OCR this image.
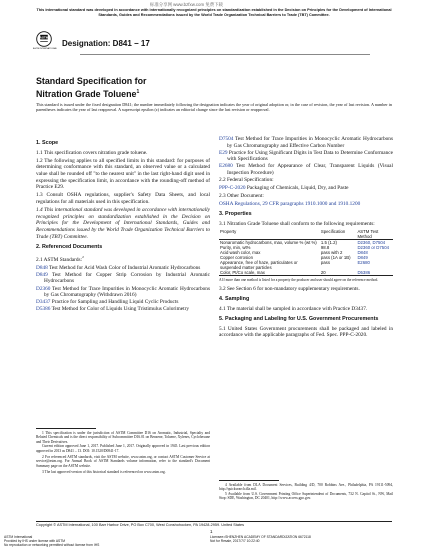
标准分享网 www.bzfxw.com 免费下载
This international standard was developed in accordance with internationally recognized principles on standardization established in the Decision on Principles for the Development of International Standards, Guides and Recommendations issued by the World Trade Organization Technical Barriers to Trade (TBT) Committee.
ASTM
ASTM INTERNATIONAL
Designation: D841 − 17
Standard Specification for
Nitration Grade Toluene$^1$
This standard is issued under the fixed designation D841; the number immediately following the designation indicates the year of original adoption or, in the case of revision, the year of last revision. A number in parentheses indicates the year of last reapproval. A superscript epsilon (ε) indicates an editorial change since the last revision or reapproval.
1. Scope

1.1 This specification covers nitration grade toluene.

1.2 The following applies to all specified limits in this standard: for purposes of determining conformance with this standard, an observed value or a calculated value shall be rounded off "to the nearest unit" in the last right-hand digit used in expressing the specification limit, in accordance with the rounding-off method of Practice E29.

1.3 Consult OSHA regulations, supplier's Safety Data Sheets, and local regulations for all materials used in this specification.

1.4 This international standard was developed in accordance with internationally recognized principles on standardization established in the Decision on Principles for the Development of International Standards, Guides and Recommendations issued by the World Trade Organization Technical Barriers to Trade (TBT) Committee.

2. Referenced Documents

2.1 ASTM Standards:$^2$

D848 Test Method for Acid Wash Color of Industrial Aromatic Hydrocarbons
D849 Test Method for Copper Strip Corrosion by Industrial Aromatic Hydrocarbons
D2360 Test Method for Trace Impurities in Monocyclic Aromatic Hydrocarbons by Gas Chromatography (Withdrawn 2016)
D3437 Practice for Sampling and Handling Liquid Cyclic Products
D5386 Test Method for Color of Liquids Using Tristimulus Colorimetry
1 This specification is under the jurisdiction of ASTM Committee D16 on Aromatic, Industrial, Specialty and Related Chemicals and is the direct responsibility of Subcommittee D16.01 on Benzene, Toluene, Xylenes, Cyclohexane and Their Derivatives.
Current edition approved June 1, 2017. Published June 1, 2017. Originally approved in 1945. Last previous edition approved in 2013 as D841 – 13. DOI: 10.1520/D0841-17.
2 For referenced ASTM standards, visit the ASTM website, www.astm.org, or contact ASTM Customer Service at service@astm.org. For Annual Book of ASTM Standards volume information, refer to the standard's Document Summary page on the ASTM website.
3 The last approved version of this historical standard is referenced on www.astm.org.
D7504 Test Method for Trace Impurities in Monocyclic Aromatic Hydrocarbons by Gas Chromatography and Effective Carbon Number
E29 Practice for Using Significant Digits in Test Data to Determine Conformance with Specifications
E2680 Test Method for Appearance of Clear, Transparent Liquids (Visual Inspection Procedure)

2.2 Federal Specification:

PPP-C-2020 Packaging of Chemicals, Liquid, Dry, and Paste

2.3 Other Document:

OSHA Regulations, 29 CFR paragraphs 1910.1000 and 1910.1200
3. Properties

3.1 Nitration Grade Toluene shall conform to the following requirements:

Property	Specification	ASTM Test Method
Nonaromatic hydrocarbons, max, volume % (wt %)	1.5 (1.2)	D2360, D7504
Purity, min, wt%	98.8	D2360 or D7504
Acid wash color, max	pass with 2	D848
Copper corrosion	pass (1A or 1B)	D849
Appearance, free of haze, particulates or suspended matter particles	pass	E2680
Color, Pt/Co scale, max	20	D5386
A If more than one method is listed for a property the producer and user should agree on the reference method.

3.2 See Section 6 for non-mandatory supplementary requirements.

4. Sampling

4.1 The material shall be sampled in accordance with Practice D3437.

5. Packaging and Labeling for U.S. Government Procurements

5.1 United States Government procurements shall be packaged and labeled in accordance with the applicable paragraphs of Fed. Spec. PPP-C-2020.

4 Available from DLA Document Services, Building 4/D, 700 Robbins Ave., Philadelphia, PA 19111-5094, http://quicksearch.dla.mil.
5 Available from U.S. Government Printing Office Superintendent of Documents, 732 N. Capitol St., NW, Mail Stop: SDE, Washington, DC 20401, http://www.access.gpo.gov.
Copyright © ASTM International, 100 Barr Harbor Drive, PO Box C700, West Conshohocken, PA 19428-2959. United States
1
ASTM International
Provided by IHS under license with ASTM
No reproduction or networking permitted without license from IHS
Licensee=SHENZHEN ACADEMY OF STANDARDIZATION 6672118
Not for Resale, 2017/7/7 10:22:40
